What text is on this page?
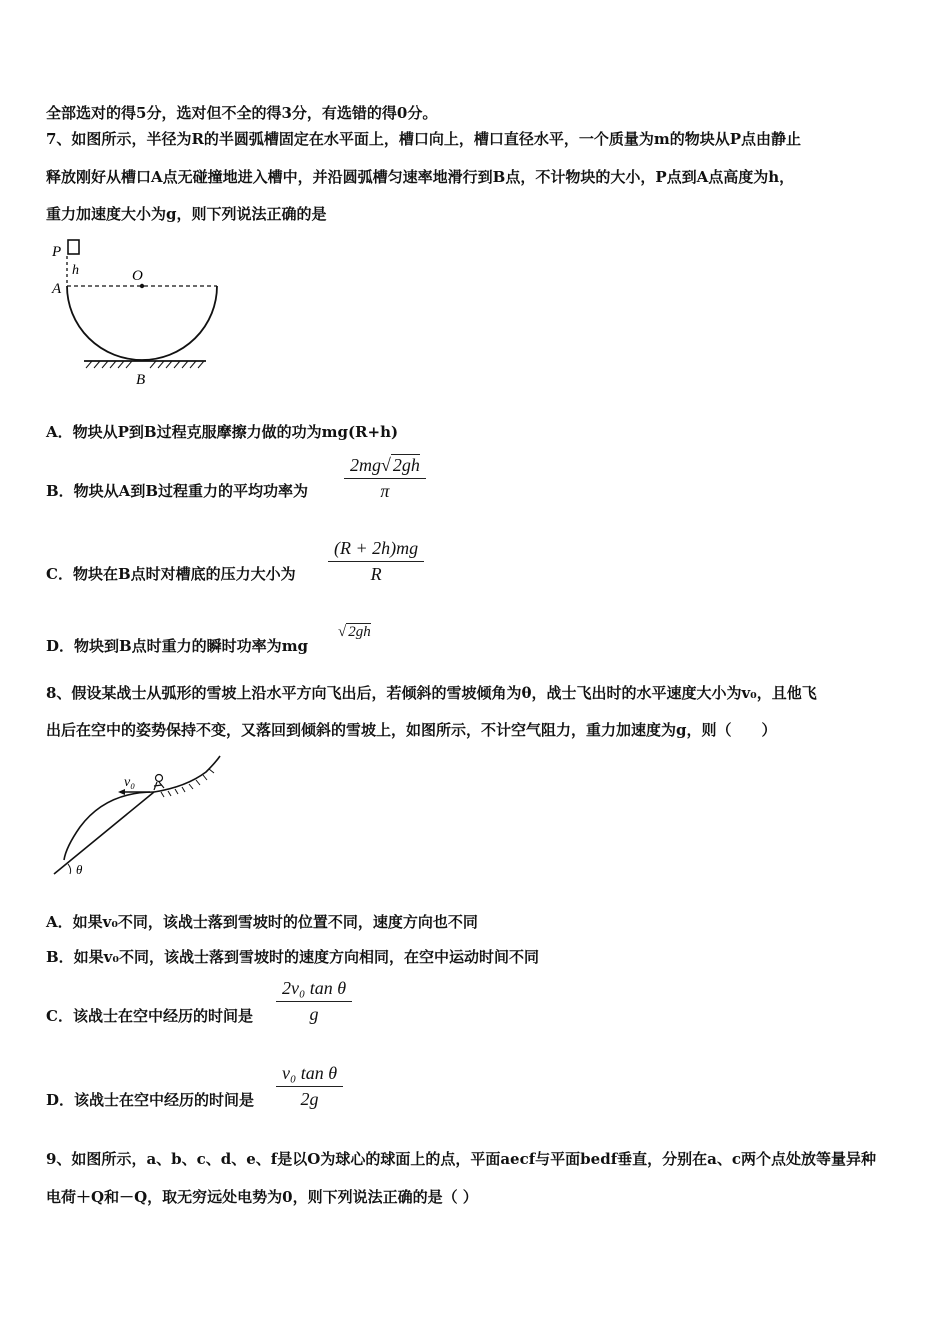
全部选对的得5分，选对但不全的得3分，有选错的得0分。
7、如图所示，半径为R的半圆弧槽固定在水平面上，槽口向上，槽口直径水平，一个质量为m的物块从P点由静止
释放刚好从槽口A点无碰撞地进入槽中，并沿圆弧槽匀速率地滑行到B点，不计物块的大小，P点到A点高度为h，
重力加速度大小为g，则下列说法正确的是
P
h
A
O
B
A．物块从P到B过程克服摩擦力做的功为mg(R+h)
B．物块从A到B过程重力的平均功率为 $\frac{2mg√ 2gh}{\pi}$
C．物块在B点时对槽底的压力大小为 $\frac{(R + 2h)mg}{R}$
D．物块到B点时重力的瞬时功率为mg
√ 2gh
8、假设某战士从弧形的雪坡上沿水平方向飞出后，若倾斜的雪坡倾角为θ，战士飞出时的水平速度大小为v₀，且他飞
出后在空中的姿势保持不变，又落回到倾斜的雪坡上，如图所示，不计空气阻力，重力加速度为g，则（　　）
v₀
θ
A．如果v₀不同，该战士落到雪坡时的位置不同，速度方向也不同
B．如果v₀不同，该战士落到雪坡时的速度方向相同，在空中运动时间不同
C．该战士在空中经历的时间是 $\frac{\text{2v₀ tan θ}}{g}$
D．该战士在空中经历的时间是 $\frac{\text{v₀ tan θ}}{2g}$
9、如图所示，a、b、c、d、e、f是以O为球心的球面上的点，平面aecf与平面bedf垂直，分别在a、c两个点处放等量异种
电荷＋Q和－Q，取无穷远处电势为0，则下列说法正确的是（ ）
